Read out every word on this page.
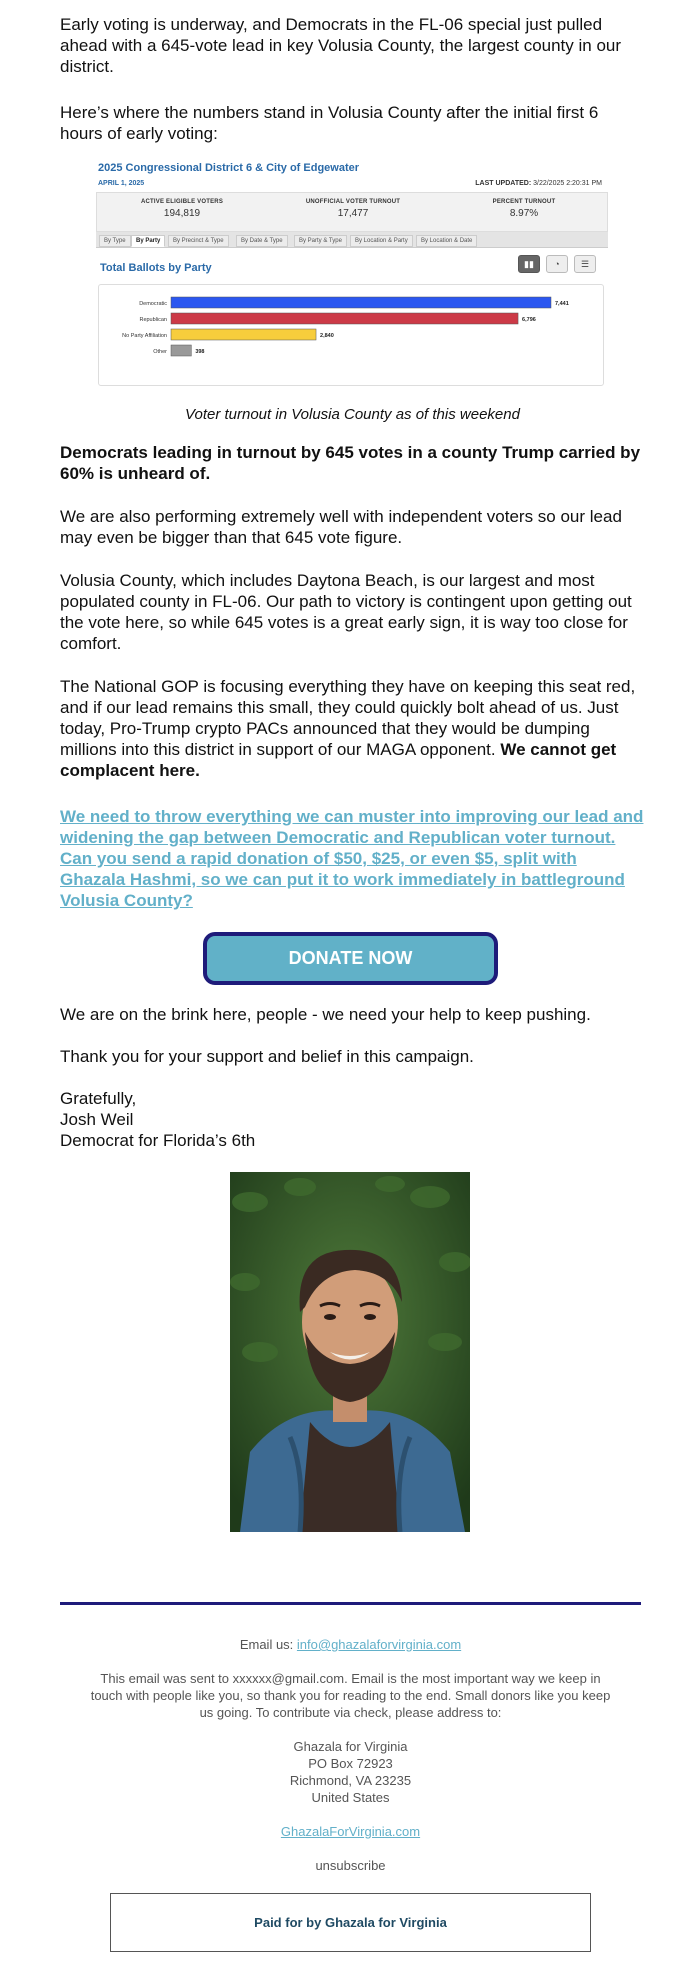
Early voting is underway, and Democrats in the FL-06 special just pulled ahead with a 645-vote lead in key Volusia County, the largest county in our district.

Here’s where the numbers stand in Volusia County after the initial first 6 hours of early voting:

2025 Congressional District 6 & City of Edgewater
APRIL 1, 2025	LAST UPDATED: 3/22/2025 2:20:31 PM
ACTIVE ELIGIBLE VOTERS
194,819
UNOFFICIAL VOTER TURNOUT
17,477
PERCENT TURNOUT
8.97%
By Type	By Party	By Precinct & Type	By Date & Type	By Party & Type	By Location & Party	By Location & Date
Total Ballots by Party	▮▮	◔	☰
Democratic	7,441
Republican	6,796
No Party Affiliation	2,840
Other	398

Voter turnout in Volusia County as of this weekend

Democrats leading in turnout by 645 votes in a county Trump carried by 60% is unheard of.

We are also performing extremely well with independent voters so our lead may even be bigger than that 645 vote figure.

Volusia County, which includes Daytona Beach, is our largest and most populated county in FL-06. Our path to victory is contingent upon getting out the vote here, so while 645 votes is a great early sign, it is way too close for comfort.

The National GOP is focusing everything they have on keeping this seat red, and if our lead remains this small, they could quickly bolt ahead of us. Just today, Pro-Trump crypto PACs announced that they would be dumping millions into this district in support of our MAGA opponent. We cannot get complacent here.

We need to throw everything we can muster into improving our lead and widening the gap between Democratic and Republican voter turnout. Can you send a rapid donation of $50, $25, or even $5, split with Ghazala Hashmi, so we can put it to work immediately in battleground Volusia County?
DONATE NOW

We are on the brink here, people - we need your help to keep pushing.

Thank you for your support and belief in this campaign.

Gratefully,

Josh Weil

Democrat for Florida’s 6th

Email us: info@ghazalaforvirginia.com

This email was sent to xxxxxx@gmail.com. Email is the most important way we keep in touch with people like you, so thank you for reading to the end. Small donors like you keep us going. To contribute via check, please address to:

Ghazala for Virginia

PO Box 72923

Richmond, VA 23235

United States

GhazalaForVirginia.com

unsubscribe

Paid for by Ghazala for Virginia
